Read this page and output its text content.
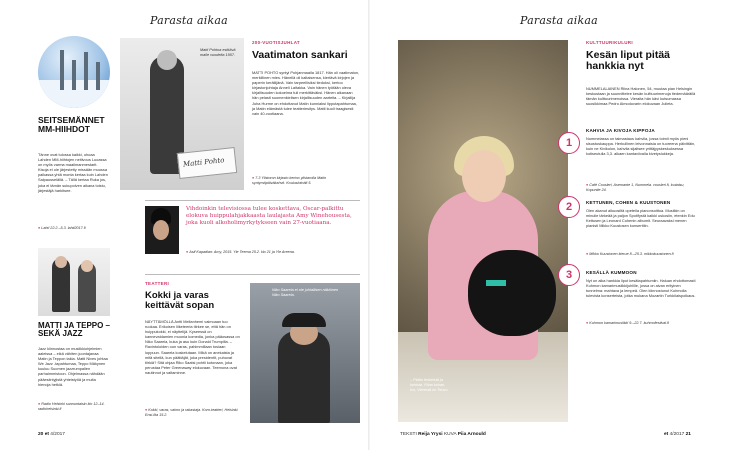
Parasta aikaa	Parasta aikaa
SEITSEMÄNNET MM-HIIHDOT
Tänne ovat tulossa kaikki, uhoaa Lahden MM-hiihtojen neitivous Luoassa on myös varma maailmanmestarit. Kisoja ei ole järjestetty missään muussa paikassa yhtä monta kertaa kuin Lahden Salpausselällä. – Tällä kertaa Ruka jos, joka ei tämän sukupolven aikana toistu, järjestäjä harkitsee.
● Lahti 22.2.–5.3. lahti2017.fi
MATTI JA TEPPO – SEKÄ JAZZ
Jazz kiinnostaa on musiikkiohjelmien aaleissa – eikä vähiten juontajanaa Matin ja Teppon takia. Matti Nives johtaa We Jazz -tapahtumaa, Teppo Mäkynen kuuluu Suomen jazzrumpalien parhaimmistoon. Ohjelmassa nähdään pääesiintyjistä yhteistyöä ja muita hienoja hetkiä.
● Radio Helsinki sunnuntaisin klo 12–14. radiohelsinki.fi
Matti Pohto
Matti Pohtoa esittävä malle vuodelta 1957.
200-VUOTISJUHLAT
Vaatimaton sankari
MATTI POHTO syntyi Pohjanmaalla 1817. Hän oli vaatimaton, merkillinen mies. Hänellä oli kaltaisensa, kiertävä kirjojen ja paperin keräilijänä. Vain tarpeellisiksi tiedoksi, kertoo kirjastonjohtaja Anneli Laitakka. Vain hänen työtään oleva kirjallisuuden kokoelma tuli merkittäväksi. Hänen aikanaan hän pelasti suomenkielisen kirjallisuuden aarteita. – Kirjailija Juha Hurme on ehdottanut Matin kunniaksi lipputapahtumaa, ja Matin elämästä tulee teatteriesitys. Matti kuoli traagisesti vain 40-vuotiaana.
● 7.3 Ylistoron kirjasto kertoo ylistarolla Matin syntymäpäiväkahvit. Kouluslotnäit 5.
Vihdoinkin televisiossa tulee koskettava, Oscar-palkittu elokuva huippulahjakkaasta laulajasta Amy Winehousesta, joka kuoli alkoholimyrkytykseen vain 27-vuotiaana.
● Asif Kapadian: Amy, 2015. Yle Teema 25.2. klo 21 ja Yle Areena.
TEATTERI
Kokki ja varas keittävät sopan
NÄYTTÄMÖLLÄ Antti Mellanhemi vaimoaan tuo ruokaa. Erikoisen liiketeeria tiirkee se, että hän on huippukokki, ei näyttelijä. Kyseessä on kannevaldamien muonia komedia, jonka pääosassa on Niko Saarela, kuka ja asu kuin Donald Trumpilla. – Ravintoloiden oon varas, pahimmillaan tosiaan loppuun. Saarela koskelutaan. Mikä on anekaista ja mitä sitellä, kun päättäjät, joka presidentit, puhuvat tiirkiä? Sitä ohjaa Riko Saatsi pohtii kotonaan, joka perustaa Peter Greenaway elokuvaan. Teemona ovat nautinnot ja valtaminne.
● Kokki, varas, vaimo ja rakastaja. Korn-teatteri, Helsinki. Ensi-ilta 15.2.
Niko Saarela ei ole juhlallisen näköinen Niko Saarela.
– Pidän lenkeistä ja koirista. Riina koiran, Ivo, Vierestä on Teuvo.
1
2
3
KULTTUURIKULURI
Kesän liput pitää hankkia nyt
NUMMELALAINEN Riina Halonen, 54, muutaa pian Helsingin keskustaan ja suunnittelee kesän kulttuurimenoja tiedemäärällä tämän kulttuurimenoissa. Vieraita hän kävi kutsumassa suosikkimaa Pedro Almodovarin elokuvaan Julieta.
KAHVIA JA KIVOJA KIPPOJA
Nummelassa on taimastaus kahvila, jossa toimii myös pieni sisustuskauppa. Herkullinen leivonnaisia on tuoreena päivittäin, kuin ne Kivikolon, kahvila sijaitsee yrittäjyyskeskuksessa kotiseutulla 3,3. alkaen kantaviivalla kivetyslukkeja.
● Café Cousleri, Asemante 1, Nummela. cousleri.fi, loutaisu, Kopuntie 24.
KETTUNEN, COHEN & KUUSTONEN
Olen akanut alkuosiltä opetella pianonsoittoa. Musiikin on minulle tärkeää ja paljon Spotifystä kaikki uskosiin, etenkin Edu Kettusen ja Leonard Cohenin albumit. Seuraavaksi menen pianisti Mikko Kuustosen konserttiin.
● Mikko Kuustonen kierue 8.–25.3. mikkokuustonen.fi
KESÄLLÄ KUMMOON
Nyt on aika hankkia liput kesätapahtumiin. Haluan ehdottomasti Kuhmon kamarimusiikkijuhlille, jossa on aivan erityinen tunnelma: mahtava ja lempeä. Olen kiinnostunut Kuhmolla tulevista konserteista, jotka mukana Mozartin Turkkilaispolkaus.
● Kuhmon kamarimusiikki 9.–22.7. kuhmofestival.fi
20 et 4/2017	TEKSTI Reija Yrysi KUVA Piia Arnould	et 4/2017 21
